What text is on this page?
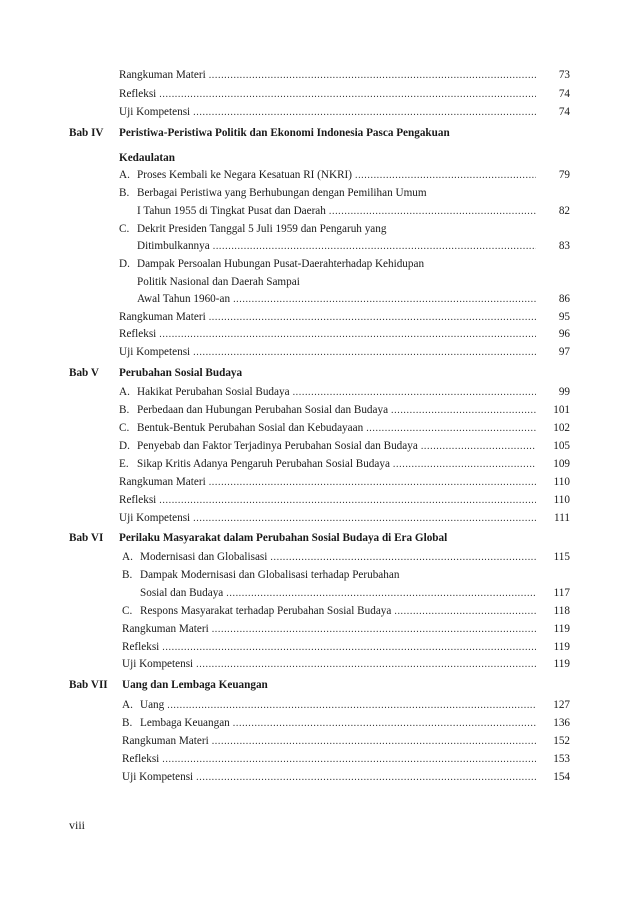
Rangkuman Materi .....	73
Refleksi .....	74
Uji Kompetensi .....	74
Bab IV Peristiwa-Peristiwa Politik dan Ekonomi Indonesia Pasca Pengakuan
Kedaulatan
A. Proses Kembali ke Negara Kesatuan RI (NKRI) .....	79
B. Berbagai Peristiwa yang Berhubungan dengan Pemilihan Umum
I Tahun 1955 di Tingkat Pusat dan Daerah .....	82
C. Dekrit Presiden Tanggal 5 Juli 1959 dan Pengaruh yang
Ditimbulkannya .....	83
D. Dampak Persoalan Hubungan Pusat-Daerahterhadap Kehidupan
Politik Nasional dan Daerah Sampai
Awal Tahun 1960-an .....	86
Rangkuman Materi .....	95
Refleksi .....	96
Uji Kompetensi .....	97
Bab V Perubahan Sosial Budaya
A. Hakikat Perubahan Sosial Budaya .....	99
B. Perbedaan dan Hubungan Perubahan Sosial dan Budaya .....	101
C. Bentuk-Bentuk Perubahan Sosial dan Kebudayaan .....	102
D. Penyebab dan Faktor Terjadinya Perubahan Sosial dan Budaya .....	105
E. Sikap Kritis Adanya Pengaruh Perubahan Sosial Budaya .....	109
Rangkuman Materi .....	110
Refleksi .....	110
Uji Kompetensi .....	111
Bab VI Perilaku Masyarakat dalam Perubahan Sosial Budaya di Era Global
A. Modernisasi dan Globalisasi .....	115
B. Dampak Modernisasi dan Globalisasi terhadap Perubahan
Sosial dan Budaya .....	117
C. Respons Masyarakat terhadap Perubahan Sosial Budaya .....	118
Rangkuman Materi .....	119
Refleksi .....	119
Uji Kompetensi .....	119
Bab VII Uang dan Lembaga Keuangan
A. Uang .....	127
B. Lembaga Keuangan .....	136
Rangkuman Materi .....	152
Refleksi .....	153
Uji Kompetensi .....	154
viii
